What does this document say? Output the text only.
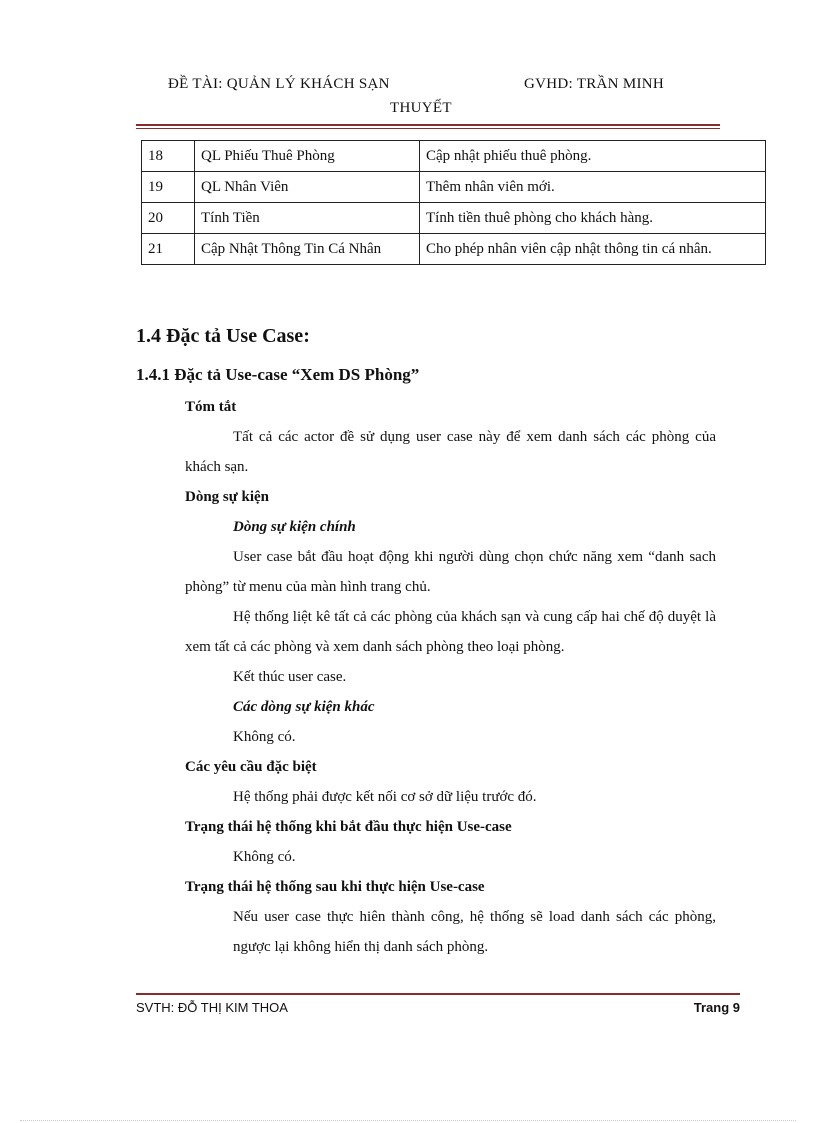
ĐỀ TÀI: QUẢN LÝ KHÁCH SẠN	GVHD: TRẦN MINH
THUYẾT
18	QL Phiếu Thuê Phòng	Cập nhật phiếu thuê phòng.
19	QL Nhân Viên	Thêm nhân viên mới.
20	Tính Tiền	Tính tiền thuê phòng cho khách hàng.
21	Cập Nhật Thông Tin Cá Nhân	Cho phép nhân viên cập nhật thông tin cá nhân.
1.4 Đặc tả Use Case:
1.4.1 Đặc tả Use-case “Xem DS Phòng”

Tóm tắt

Tất cả các actor đề sử dụng user case này để xem danh sách các phòng của khách sạn.

Dòng sự kiện

Dòng sự kiện chính

User case bắt đầu hoạt động khi người dùng chọn chức năng xem “danh sach phòng” từ menu của màn hình trang chủ.

Hệ thống liệt kê tất cả các phòng của khách sạn và cung cấp hai chế độ duyệt là xem tất cả các phòng và xem danh sách phòng theo loại phòng.

Kết thúc user case.

Các dòng sự kiện khác

Không có.

Các yêu cầu đặc biệt

Hệ thống phải được kết nối cơ sở dữ liệu trước đó.

Trạng thái hệ thống khi bắt đầu thực hiện Use-case

Không có.

Trạng thái hệ thống sau khi thực hiện Use-case

Nếu user case thực hiên thành công, hệ thống sẽ load danh sách các phòng, ngược lại không hiển thị danh sách phòng.

SVTH: ĐỖ THỊ KIM THOA	Trang 9
